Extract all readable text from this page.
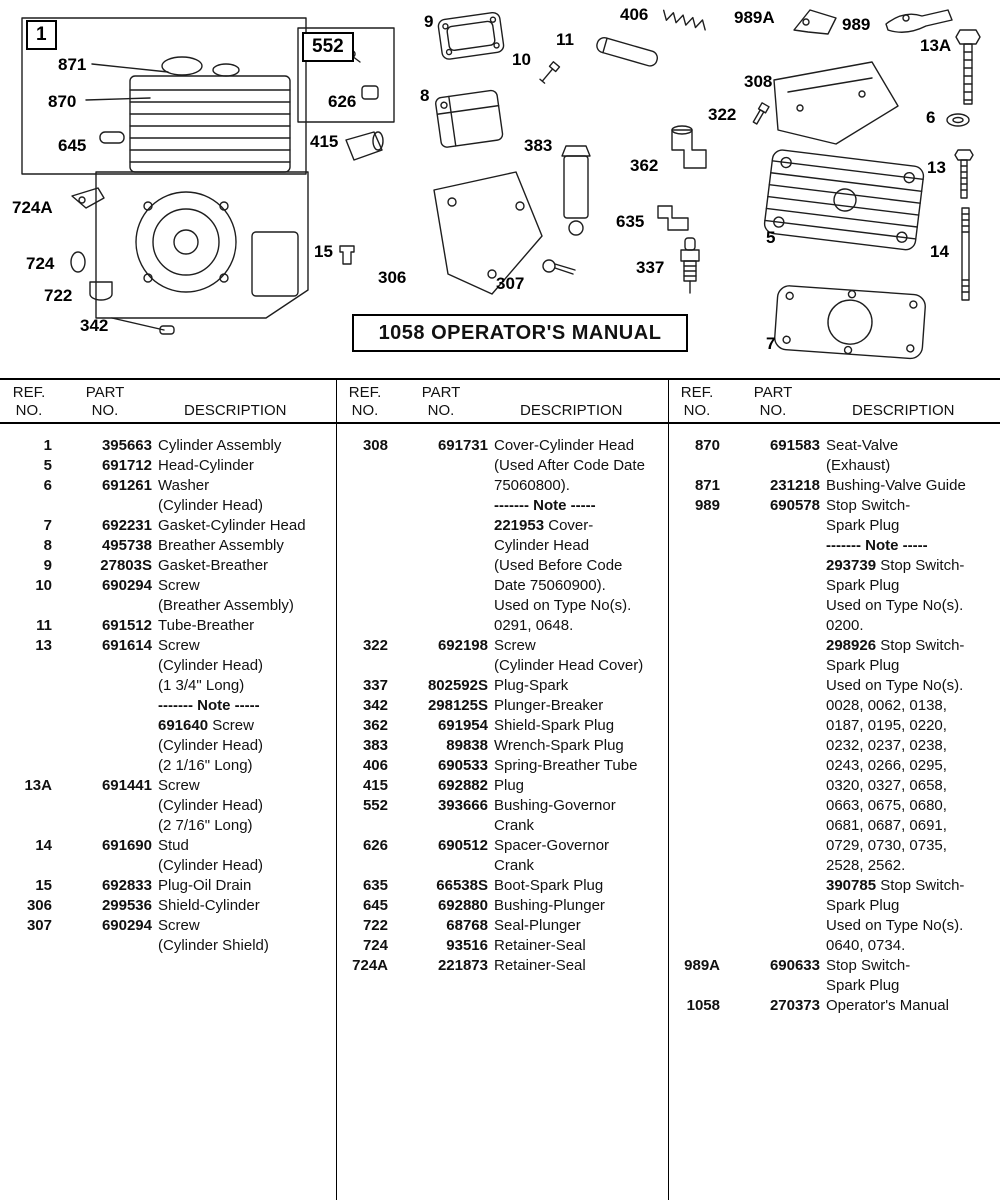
1
871
870
645
724A
724
722
342
552
626
415
15
306	307
9
10
8
383
11
362
635
337
406
322
308
989A	989
13A
6
13
5
14
7
1058 OPERATOR'S MANUAL
REF.
NO.
PART
NO.	DESCRIPTION
REF.
NO.
PART
NO.	DESCRIPTION
REF.
NO.
PART
NO.	DESCRIPTION
1	395663 Cylinder Assembly
5	691712 Head-Cylinder
6	691261 Washer
(Cylinder Head)
7	692231 Gasket-Cylinder Head
8	495738 Breather Assembly
9	27803S Gasket-Breather
10	690294 Screw
(Breather Assembly)
11	691512 Tube-Breather
13	691614 Screw
(Cylinder Head)
(1 3/4" Long)
------- Note -----
691640 Screw
(Cylinder Head)
(2 1/16" Long)
13A	691441 Screw
(Cylinder Head)
(2 7/16" Long)
14	691690 Stud
(Cylinder Head)
15	692833 Plug-Oil Drain
306	299536 Shield-Cylinder
307	690294 Screw
(Cylinder Shield)
308	691731 Cover-Cylinder Head
(Used After Code Date
75060800).
------- Note -----
221953 Cover-
Cylinder Head
(Used Before Code
Date 75060900).
Used on Type No(s).
0291, 0648.
322	692198 Screw
(Cylinder Head Cover)
337	802592S Plug-Spark
342	298125S Plunger-Breaker
362	691954 Shield-Spark Plug
383	89838 Wrench-Spark Plug
406	690533 Spring-Breather Tube
415	692882 Plug
552	393666 Bushing-Governor
Crank
626	690512 Spacer-Governor
Crank
635	66538S Boot-Spark Plug
645	692880 Bushing-Plunger
722	68768 Seal-Plunger
724	93516 Retainer-Seal
724A	221873 Retainer-Seal
870	691583 Seat-Valve
(Exhaust)
871	231218 Bushing-Valve Guide
989	690578 Stop Switch-
Spark Plug
------- Note -----
293739 Stop Switch-
Spark Plug
Used on Type No(s).
0200.
298926 Stop Switch-
Spark Plug
Used on Type No(s).
0028, 0062, 0138,
0187, 0195, 0220,
0232, 0237, 0238,
0243, 0266, 0295,
0320, 0327, 0658,
0663, 0675, 0680,
0681, 0687, 0691,
0729, 0730, 0735,
2528, 2562.
390785 Stop Switch-
Spark Plug
Used on Type No(s).
0640, 0734.
989A	690633 Stop Switch-
Spark Plug
1058	270373 Operator's Manual
